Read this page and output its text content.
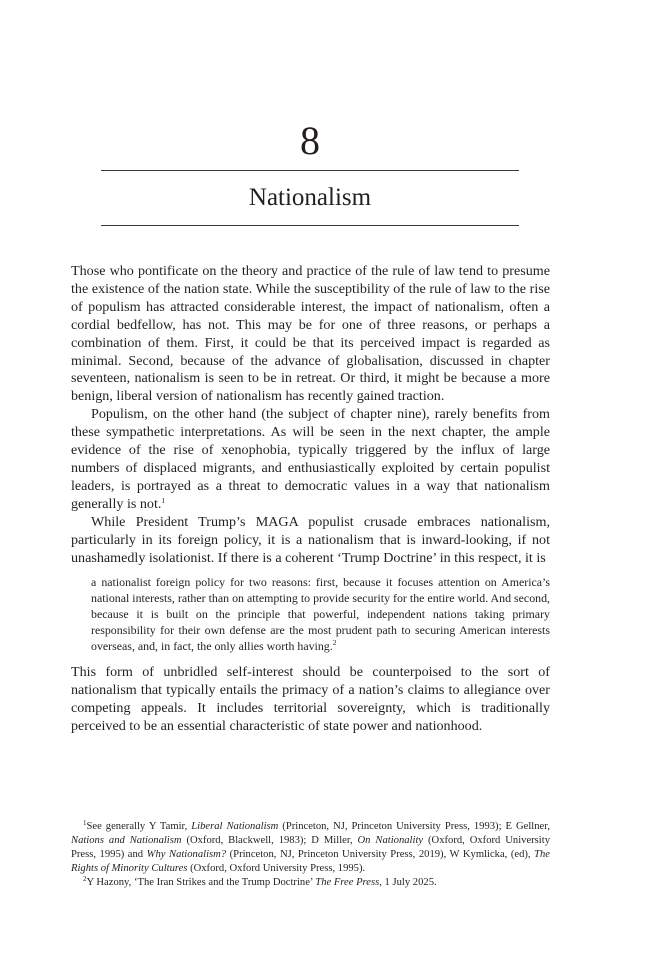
8
Nationalism

Those who pontificate on the theory and practice of the rule of law tend to presume the existence of the nation state. While the susceptibility of the rule of law to the rise of populism has attracted considerable interest, the impact of nationalism, often a cordial bedfellow, has not. This may be for one of three reasons, or perhaps a combination of them. First, it could be that its perceived impact is regarded as minimal. Second, because of the advance of globalisation, discussed in chapter seventeen, nationalism is seen to be in retreat. Or third, it might be because a more benign, liberal version of nationalism has recently gained traction.

Populism, on the other hand (the subject of chapter nine), rarely benefits from these sympathetic interpretations. As will be seen in the next chapter, the ample evidence of the rise of xenophobia, typically triggered by the influx of large numbers of displaced migrants, and enthusiastically exploited by certain populist leaders, is portrayed as a threat to democratic values in a way that nationalism generally is not.$^1$

While President Trump’s MAGA populist crusade embraces nationalism, particularly in its foreign policy, it is a nationalism that is inward-looking, if not unashamedly isolationist. If there is a coherent ‘Trump Doctrine’ in this respect, it is

a nationalist foreign policy for two reasons: first, because it focuses attention on America’s national interests, rather than on attempting to provide security for the entire world. And second, because it is built on the principle that powerful, independent nations taking primary responsibility for their own defense are the most prudent path to securing American interests overseas, and, in fact, the only allies worth having.$^2$

This form of unbridled self-interest should be counterpoised to the sort of nationalism that typically entails the primacy of a nation’s claims to allegiance over competing appeals. It includes territorial sovereignty, which is traditionally perceived to be an essential characteristic of state power and nationhood.

$^1$See generally Y Tamir, Liberal Nationalism (Princeton, NJ, Princeton University Press, 1993); E Gellner, Nations and Nationalism (Oxford, Blackwell, 1983); D Miller, On Nationality (Oxford, Oxford University Press, 1995) and Why Nationalism? (Princeton, NJ, Princeton University Press, 2019), W Kymlicka, (ed), The Rights of Minority Cultures (Oxford, Oxford University Press, 1995).

$^2$Y Hazony, ‘The Iran Strikes and the Trump Doctrine’ The Free Press, 1 July 2025.
